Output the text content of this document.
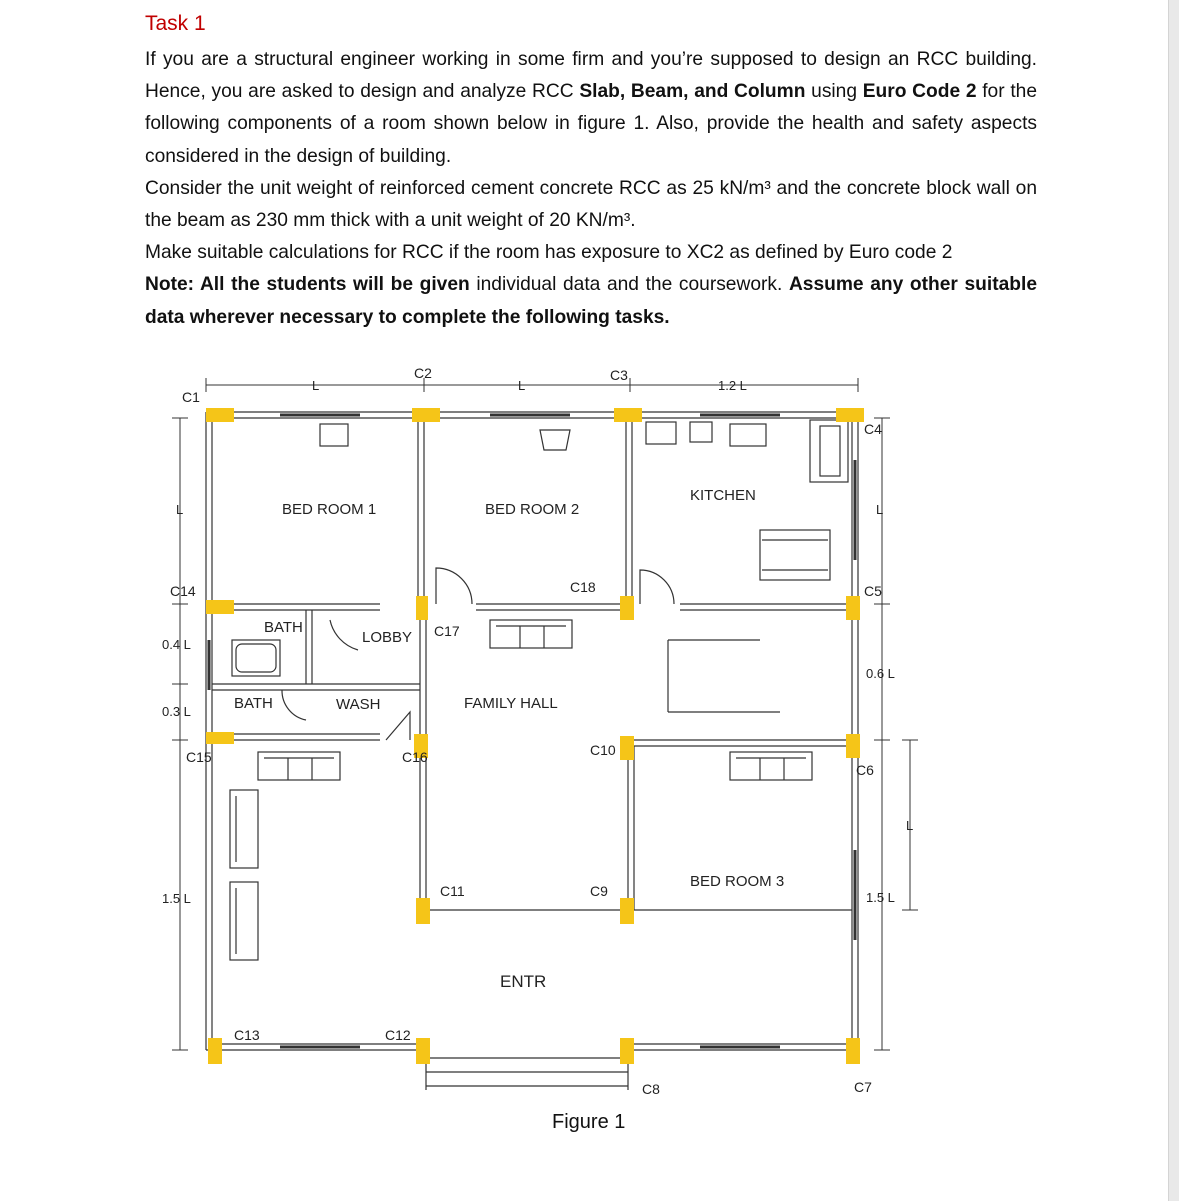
Task 1

If you are a structural engineer working in some firm and you’re supposed to design an RCC building. Hence, you are asked to design and analyze RCC Slab, Beam, and Column using Euro Code 2 for the following components of a room shown below in figure 1. Also, provide the health and safety aspects considered in the design of building.

Consider the unit weight of reinforced cement concrete RCC as 25 kN/m³ and the concrete block wall on the beam as 230 mm thick with a unit weight of 20 KN/m³.

Make suitable calculations for RCC if the room has exposure to XC2 as defined by Euro code 2

Note: All the students will be given individual data and the coursework. Assume any other suitable data wherever necessary to complete the following tasks.

BED ROOM 1	BED ROOM 2
KITCHEN
BATH
LOBBY
BATH	WASH	FAMILY HALL
BED ROOM 3
ENTR
C1
C2	C3
C4
C5
C6
C7
C8
C9
C10
C11
C12
C13
C14
C15	C16
C17
C18
L	L	1.2 L
L
0.4 L
0.3 L
1.5 L
L
0.6 L
L
1.5 L
Figure 1
